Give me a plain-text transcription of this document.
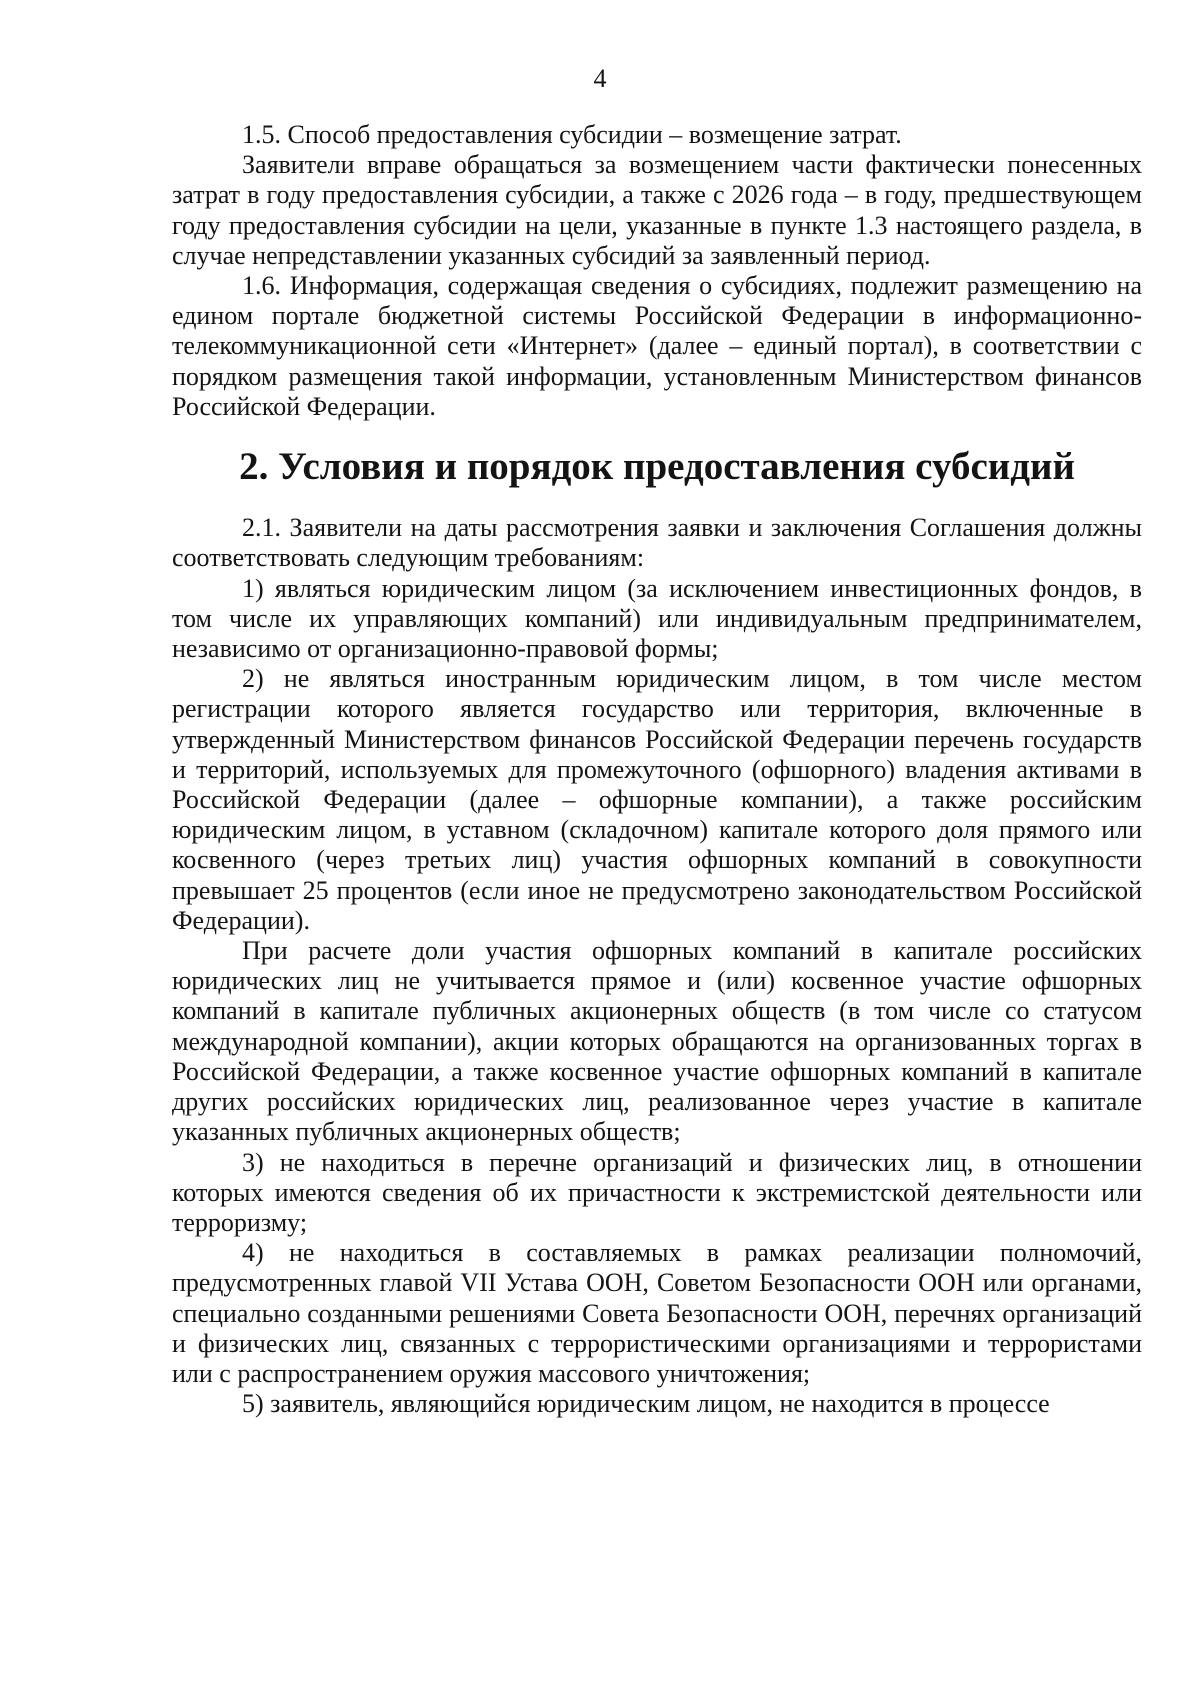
4

1.5. Способ предоставления субсидии – возмещение затрат.

Заявители вправе обращаться за возмещением части фактически понесенных затрат в году предоставления субсидии, а также с 2026 года – в году, предшествующем году предоставления субсидии на цели, указанные в пункте 1.3 настоящего раздела, в случае непредставлении указанных субсидий за заявленный период.

1.6. Информация, содержащая сведения о субсидиях, подлежит размещению на едином портале бюджетной системы Российской Федерации в информационно-телекоммуникационной сети «Интернет» (далее – единый портал), в соответствии с порядком размещения такой информации, установленным Министерством финансов Российской Федерации.

2. Условия и порядок предоставления субсидий

2.1. Заявители на даты рассмотрения заявки и заключения Соглашения должны соответствовать следующим требованиям:

1) являться юридическим лицом (за исключением инвестиционных фондов, в том числе их управляющих компаний) или индивидуальным предпринимателем, независимо от организационно-правовой формы;

2) не являться иностранным юридическим лицом, в том числе местом регистрации которого является государство или территория, включенные в утвержденный Министерством финансов Российской Федерации перечень государств и территорий, используемых для промежуточного (офшорного) владения активами в Российской Федерации (далее – офшорные компании), а также российским юридическим лицом, в уставном (складочном) капитале которого доля прямого или косвенного (через третьих лиц) участия офшорных компаний в совокупности превышает 25 процентов (если иное не предусмотрено законодательством Российской Федерации).

При расчете доли участия офшорных компаний в капитале российских юридических лиц не учитывается прямое и (или) косвенное участие офшорных компаний в капитале публичных акционерных обществ (в том числе со статусом международной компании), акции которых обращаются на организованных торгах в Российской Федерации, а также косвенное участие офшорных компаний в капитале других российских юридических лиц, реализованное через участие в капитале указанных публичных акционерных обществ;

3) не находиться в перечне организаций и физических лиц, в отношении которых имеются сведения об их причастности к экстремистской деятельности или терроризму;

4) не находиться в составляемых в рамках реализации полномочий, предусмотренных главой VII Устава ООН, Советом Безопасности ООН или органами, специально созданными решениями Совета Безопасности ООН, перечнях организаций и физических лиц, связанных с террористическими организациями и террористами или с распространением оружия массового уничтожения;

5) заявитель, являющийся юридическим лицом, не находится в процессе
